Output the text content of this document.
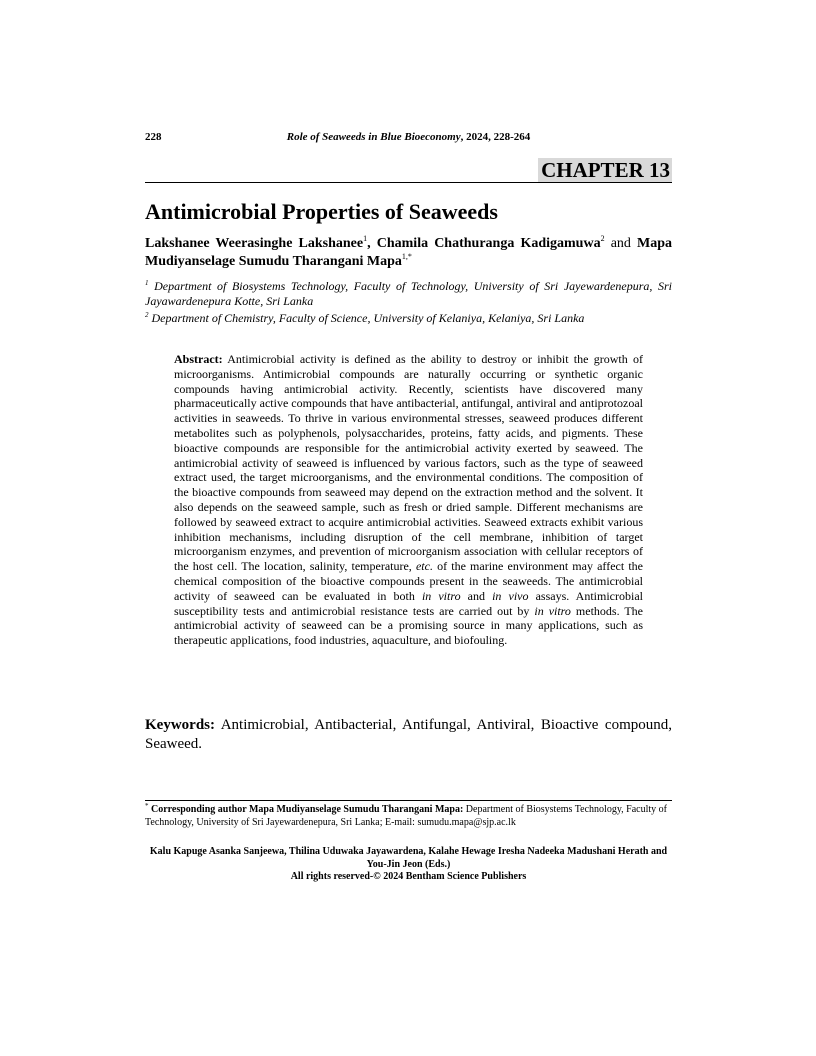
228	Role of Seaweeds in Blue Bioeconomy, 2024, 228-264
CHAPTER 13
Antimicrobial Properties of Seaweeds
Lakshanee Weerasinghe Lakshanee$^1$, Chamila Chathuranga Kadigamuwa$^2$ and Mapa Mudiyanselage Sumudu Tharangani Mapa$^{1,*}$
$^1$ Department of Biosystems Technology, Faculty of Technology, University of Sri Jayewardenepura, Sri Jayawardenepura Kotte, Sri Lanka
$^2$ Department of Chemistry, Faculty of Science, University of Kelaniya, Kelaniya, Sri Lanka

Abstract: Antimicrobial activity is defined as the ability to destroy or inhibit the growth of microorganisms. Antimicrobial compounds are naturally occurring or synthetic organic compounds having antimicrobial activity. Recently, scientists have discovered many pharmaceutically active compounds that have antibacterial, antifungal, antiviral and antiprotozoal activities in seaweeds. To thrive in various environmental stresses, seaweed produces different metabolites such as polyphenols, polysaccharides, proteins, fatty acids, and pigments. These bioactive compounds are responsible for the antimicrobial activity exerted by seaweed. The antimicrobial activity of seaweed is influenced by various factors, such as the type of seaweed extract used, the target microorganisms, and the environmental conditions. The composition of the bioactive compounds from seaweed may depend on the extraction method and the solvent. It also depends on the seaweed sample, such as fresh or dried sample. Different mechanisms are followed by seaweed extract to acquire antimicrobial activities. Seaweed extracts exhibit various inhibition mechanisms, including disruption of the cell membrane, inhibition of target microorganism enzymes, and prevention of microorganism association with cellular receptors of the host cell. The location, salinity, temperature, etc. of the marine environment may affect the chemical composition of the bioactive compounds present in the seaweeds. The antimicrobial activity of seaweed can be evaluated in both in vitro and in vivo assays. Antimicrobial susceptibility tests and antimicrobial resistance tests are carried out by in vitro methods. The antimicrobial activity of seaweed can be a promising source in many applications, such as therapeutic applications, food industries, aquaculture, and biofouling.

Keywords: Antimicrobial, Antibacterial, Antifungal, Antiviral, Bioactive compound, Seaweed.

* Corresponding author Mapa Mudiyanselage Sumudu Tharangani Mapa: Department of Biosystems Technology, Faculty of Technology, University of Sri Jayewardenepura, Sri Lanka; E-mail: sumudu.mapa@sjp.ac.lk

Kalu Kapuge Asanka Sanjeewa, Thilina Uduwaka Jayawardena, Kalahe Hewage Iresha Nadeeka Madushani Herath and You-Jin Jeon (Eds.)
All rights reserved-© 2024 Bentham Science Publishers
